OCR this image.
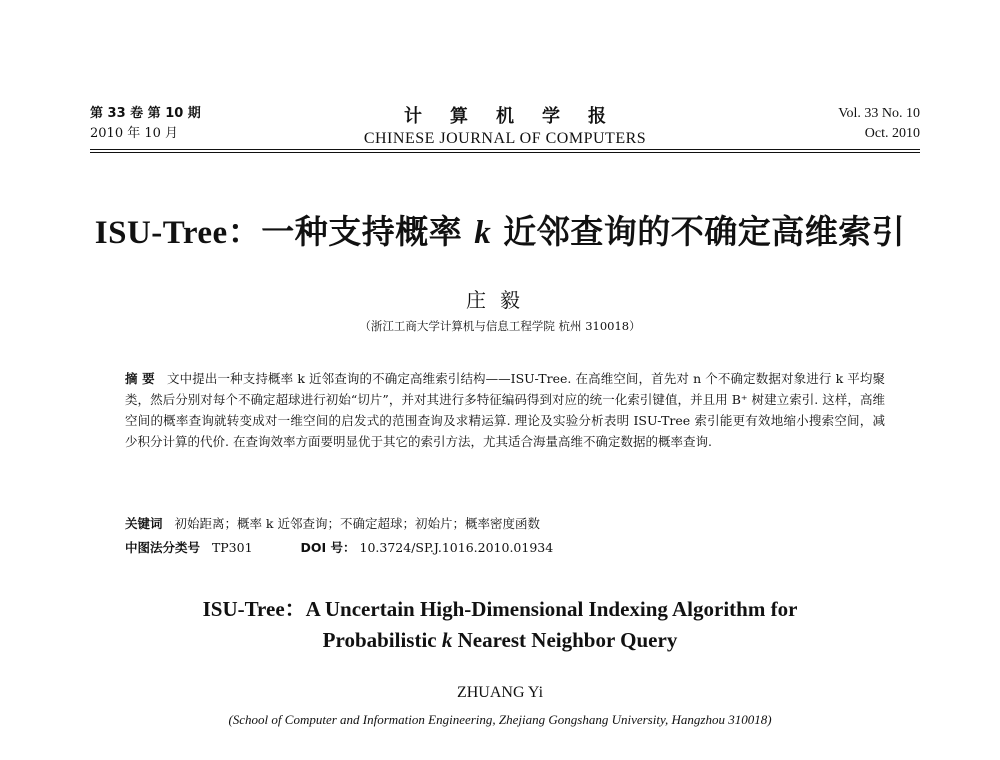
第 33 卷 第 10 期
2010 年 10 月
计算机学报
CHINESE JOURNAL OF COMPUTERS
Vol. 33 No. 10
Oct. 2010
ISU-Tree：一种支持概率 k 近邻查询的不确定高维索引
庄毅
（浙江工商大学计算机与信息工程学院 杭州 310018）
摘 要 文中提出一种支持概率 k 近邻查询的不确定高维索引结构——ISU-Tree. 在高维空间，首先对 n 个不确定数据对象进行 k 平均聚类，然后分别对每个不确定超球进行初始“切片”，并对其进行多特征编码得到对应的统一化索引键值，并且用 B⁺ 树建立索引. 这样，高维空间的概率查询就转变成对一维空间的启发式的范围查询及求精运算. 理论及实验分析表明 ISU-Tree 索引能更有效地缩小搜索空间，减少积分计算的代价. 在查询效率方面要明显优于其它的索引方法，尤其适合海量高维不确定数据的概率查询.
关键词 初始距离；概率 k 近邻查询；不确定超球；初始片；概率密度函数
中图法分类号 TP301	DOI 号： 10.3724/SP.J.1016.2010.01934
ISU-Tree：A Uncertain High-Dimensional Indexing Algorithm for
Probabilistic k Nearest Neighbor Query
ZHUANG Yi
(School of Computer and Information Engineering, Zhejiang Gongshang University, Hangzhou 310018)
